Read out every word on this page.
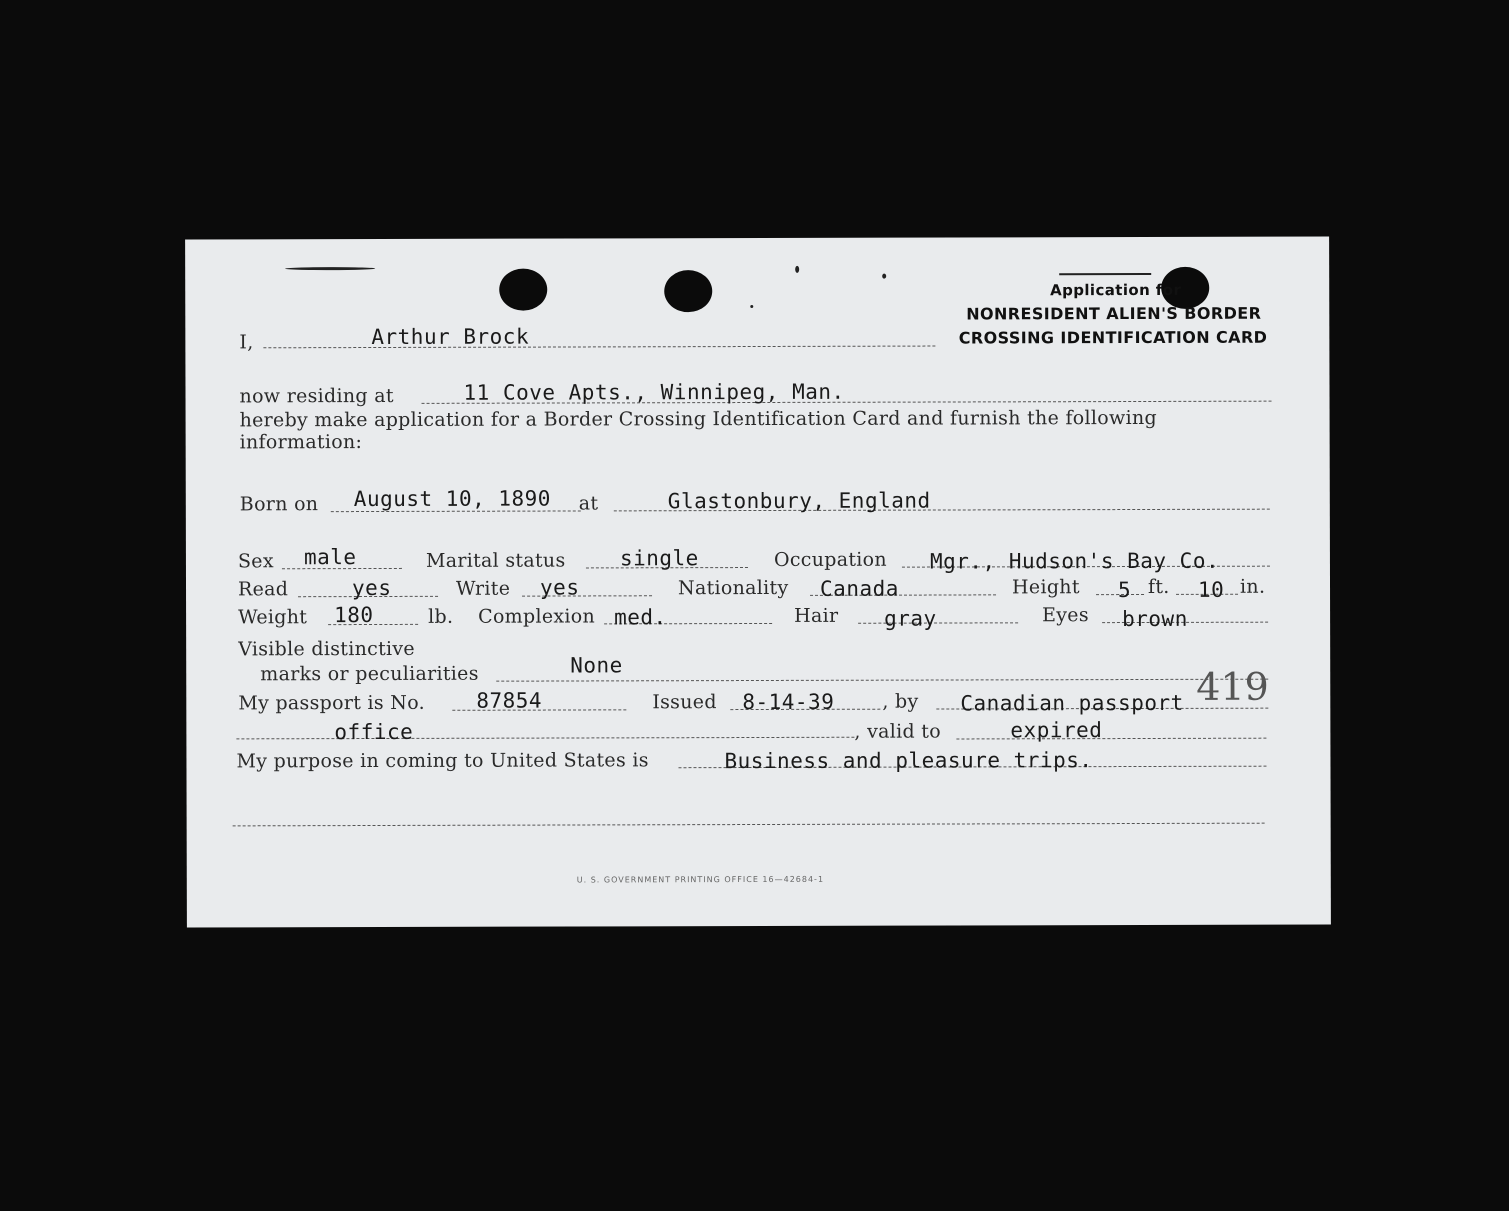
Application for
NONRESIDENT ALIEN'S BORDER
CROSSING IDENTIFICATION CARD
I,	Arthur Brock
now residing at	11 Cove Apts., Winnipeg, Man.
hereby make application for a Border Crossing Identification Card and furnish the following
information:
Born on August 10, 1890 at	Glastonbury, England
Sex male	Marital status	single	Occupation Mgr., Hudson's Bay Co.
Read	yes	Write yes	Nationality Canada	Height 5 ft. 10 in.
Weight 180	lb. Complexion med.	Hair gray	Eyes brown
Visible distinctive
marks or peculiarities	None
My passport is No. 87854	Issued 8-14-39	, by Canadian passport 419
office	, valid to	expired
My purpose in coming to United States is	Business and pleasure trips.
U. S. GOVERNMENT PRINTING OFFICE 16—42684-1
